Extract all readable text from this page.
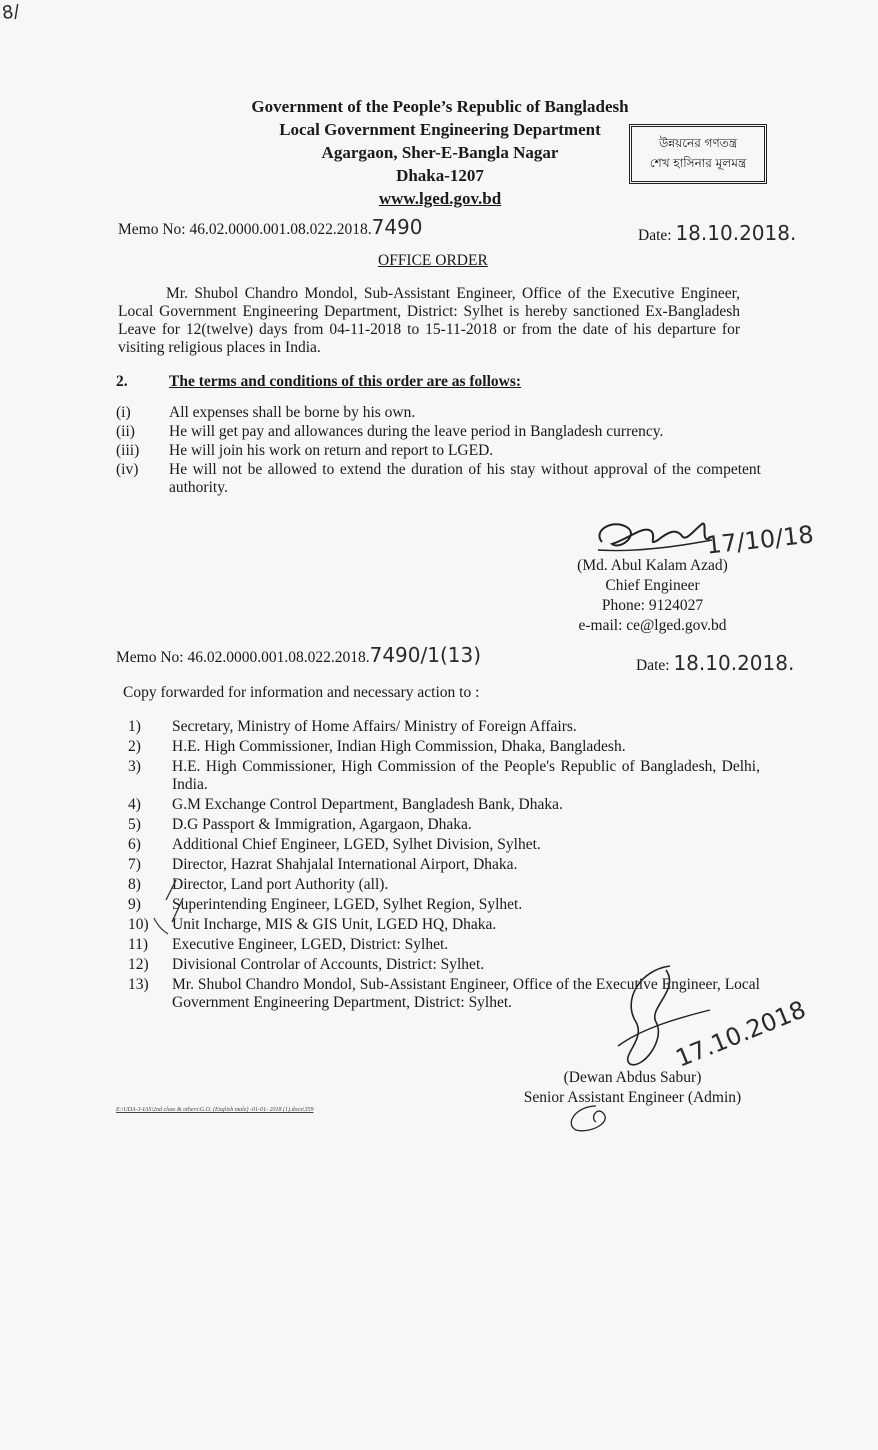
8/
Government of the People’s Republic of Bangladesh
Local Government Engineering Department
Agargaon, Sher-E-Bangla Nagar
Dhaka-1207
www.lged.gov.bd
উন্নয়নের গণতন্ত্র
শেখ হাসিনার মূলমন্ত্র
Memo No: 46.02.0000.001.08.022.2018.7490	Date: 18.10.2018.
OFFICE ORDER
Mr. Shubol Chandro Mondol, Sub-Assistant Engineer, Office of the Executive Engineer, Local Government Engineering Department, District: Sylhet is hereby sanctioned Ex-Bangladesh Leave for 12(twelve) days from 04-11-2018 to 15-11-2018 or from the date of his departure for visiting religious places in India.
2.	The terms and conditions of this order are as follows:
(i)	All expenses shall be borne by his own.
(ii)	He will get pay and allowances during the leave period in Bangladesh currency.
(iii)	He will join his work on return and report to LGED.
(iv)	He will not be allowed to extend the duration of his stay without approval of the competent authority.
17/10/18
(Md. Abul Kalam Azad)
Chief Engineer
Phone: 9124027
e-mail: ce@lged.gov.bd
Memo No: 46.02.0000.001.08.022.2018.7490/1(13)	Date: 18.10.2018.
Copy forwarded for information and necessary action to :
1)	Secretary, Ministry of Home Affairs/ Ministry of Foreign Affairs.
2)	H.E. High Commissioner, Indian High Commission, Dhaka, Bangladesh.
3)	H.E. High Commissioner, High Commission of the People's Republic of Bangladesh, Delhi, India.
4)	G.M Exchange Control Department, Bangladesh Bank, Dhaka.
5)	D.G Passport & Immigration, Agargaon, Dhaka.
6)	Additional Chief Engineer, LGED, Sylhet Division, Sylhet.
7)	Director, Hazrat Shahjalal International Airport, Dhaka.
8)	Director, Land port Authority (all).
9)	Superintending Engineer, LGED, Sylhet Region, Sylhet.
10)	Unit Incharge, MIS & GIS Unit, LGED HQ, Dhaka.
11)	Executive Engineer, LGED, District: Sylhet.
12)	Divisional Controlar of Accounts, District: Sylhet.
13)	Mr. Shubol Chandro Mondol, Sub-Assistant Engineer, Office of the Executive Engineer, Local Government Engineering Department, District: Sylhet.	17.10.2018
(Dewan Abdus Sabur)
Senior Assistant Engineer (Admin)
E:\UDA-3-IAS\2nd class & others\G.O. (English male) -01-01- 2018 (1).docx\359
